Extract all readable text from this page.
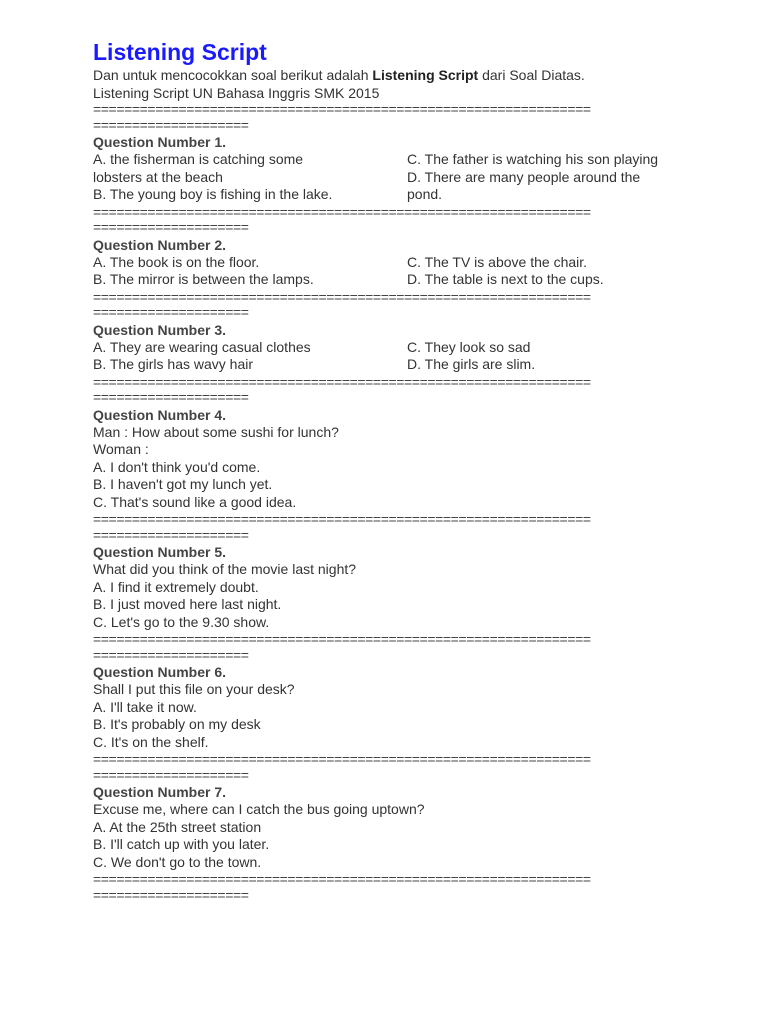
Listening Script
Dan untuk mencocokkan soal berikut adalah Listening Script dari Soal Diatas.
Listening Script UN Bahasa Inggris SMK 2015
================================================================
====================
Question Number 1.
A. the fisherman is catching some
lobsters at the beach
B. The young boy is fishing in the lake.
C. The father is watching his son playing
D. There are many people around the
pond.
================================================================
====================
Question Number 2.
A. The book is on the floor.
B. The mirror is between the lamps.
C. The TV is above the chair.
D. The table is next to the cups.
================================================================
====================
Question Number 3.
A. They are wearing casual clothes
B. The girls has wavy hair
C. They look so sad
D. The girls are slim.
================================================================
====================
Question Number 4.
Man : How about some sushi for lunch?
Woman :
A. I don't think you'd come.
B. I haven't got my lunch yet.
C. That's sound like a good idea.
================================================================
====================
Question Number 5.
What did you think of the movie last night?
A. I find it extremely doubt.
B. I just moved here last night.
C. Let's go to the 9.30 show.
================================================================
====================
Question Number 6.
Shall I put this file on your desk?
A. I'll take it now.
B. It's probably on my desk
C. It's on the shelf.
================================================================
====================
Question Number 7.
Excuse me, where can I catch the bus going uptown?
A. At the 25th street station
B. I'll catch up with you later.
C. We don't go to the town.
================================================================
====================
